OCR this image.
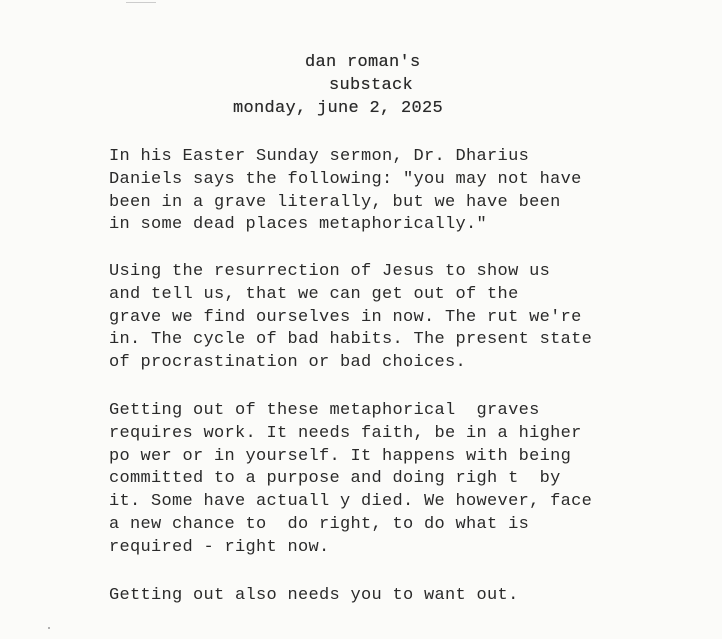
dan roman's
substack
monday, june 2, 2025
In his Easter Sunday sermon, Dr. Dharius
Daniels says the following: "you may not have
been in a grave literally, but we have been
in some dead places metaphorically."
Using the resurrection of Jesus to show us
and tell us, that we can get out of the
grave we find ourselves in now. The rut we're
in. The cycle of bad habits. The present state
of procrastination or bad choices.
Getting out of these metaphorical  graves
requires work. It needs faith, be in a higher
po wer or in yourself. It happens with being
committed to a purpose and doing righ t  by
it. Some have actuall y died. We however, face
a new chance to  do right, to do what is
required - right now.
Getting out also needs you to want out.
